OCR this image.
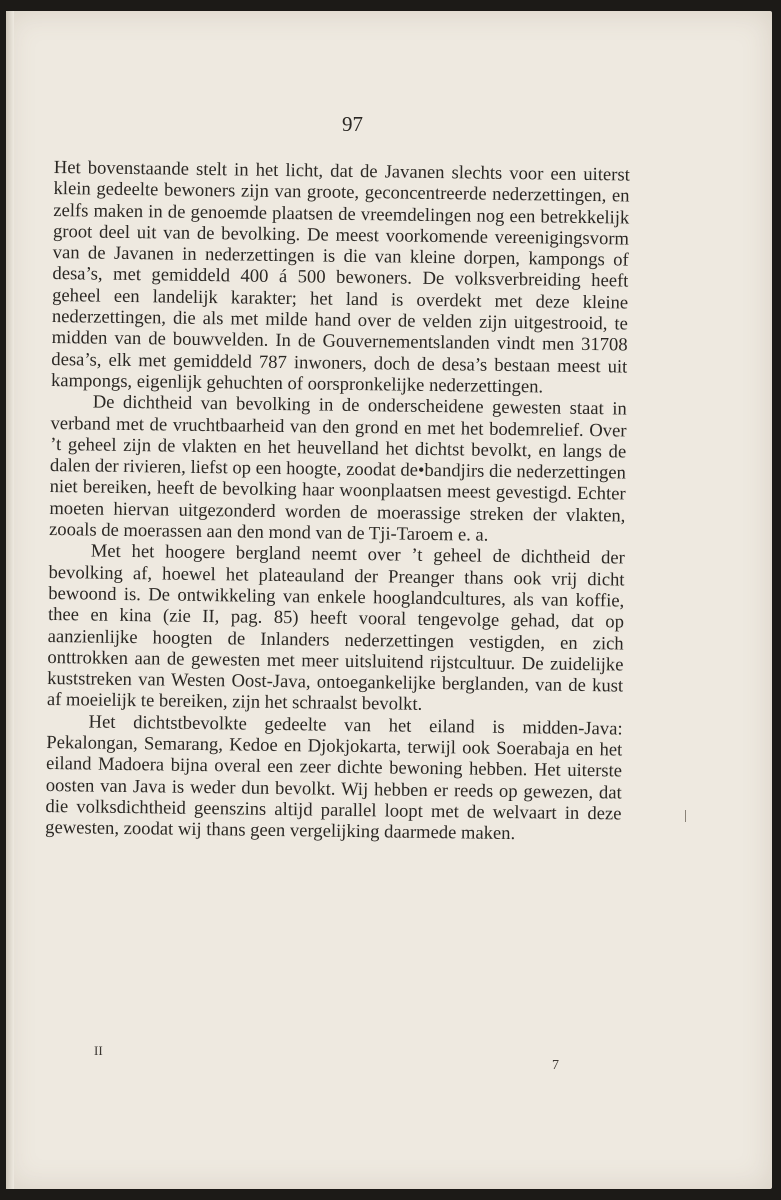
97

Het bovenstaande stelt in het licht, dat de Javanen slechts voor een uiterst klein gedeelte bewoners zijn van groote, geconcentreerde nederzettingen, en zelfs maken in de genoemde plaatsen de vreemdelingen nog een betrekkelijk groot deel uit van de bevolking. De meest voorkomende vereenigingsvorm van de Javanen in nederzettingen is die van kleine dorpen, kampongs of desa’s, met gemiddeld 400 á 500 bewoners. De volksverbreiding heeft geheel een landelijk karakter; het land is overdekt met deze kleine nederzettingen, die als met milde hand over de velden zijn uitgestrooid, te midden van de bouwvelden. In de Gouvernementslanden vindt men 31708 desa’s, elk met gemiddeld 787 inwoners, doch de desa’s bestaan meest uit kampongs, eigenlijk gehuchten of oorspronkelijke nederzettingen.

De dichtheid van bevolking in de onderscheidene gewesten staat in verband met de vruchtbaarheid van den grond en met het bodemrelief. Over ’t geheel zijn de vlakten en het heuvelland het dichtst bevolkt, en langs de dalen der rivieren, liefst op een hoogte, zoodat de•bandjirs die nederzettingen niet bereiken, heeft de bevolking haar woonplaatsen meest gevestigd. Echter moeten hiervan uitgezonderd worden de moerassige streken der vlakten, zooals de moerassen aan den mond van de Tji-Taroem e. a.

Met het hoogere bergland neemt over ’t geheel de dichtheid der bevolking af, hoewel het plateauland der Preanger thans ook vrij dicht bewoond is. De ontwikkeling van enkele hooglandcultures, als van koffie, thee en kina (zie II, pag. 85) heeft vooral tengevolge gehad, dat op aanzienlijke hoogten de Inlanders nederzettingen vestigden, en zich onttrokken aan de gewesten met meer uitsluitend rijstcultuur. De zuidelijke kuststreken van Westen Oost-Java, ontoegankelijke berglanden, van de kust af moeielijk te bereiken, zijn het schraalst bevolkt.

Het dichtstbevolkte gedeelte van het eiland is midden-Java: Pekalongan, Semarang, Kedoe en Djokjokarta, terwijl ook Soerabaja en het eiland Madoera bijna overal een zeer dichte bewoning hebben. Het uiterste oosten van Java is weder dun bevolkt. Wij hebben er reeds op gewezen, dat die volksdichtheid geenszins altijd parallel loopt met de welvaart in deze gewesten, zoodat wij thans geen vergelijking daarmede maken.

II
7
